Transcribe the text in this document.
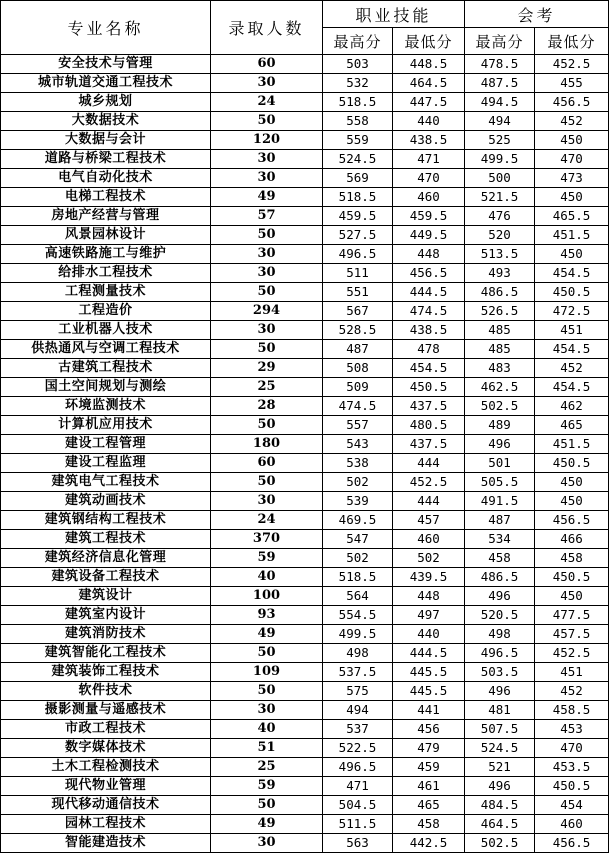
专业名称	录取人数	职业技能		会考	
		最高分	最低分	最高分	最低分
安全技术与管理	60	503	448.5	478.5	452.5
城市轨道交通工程技术	30	532	464.5	487.5	455
城乡规划	24	518.5	447.5	494.5	456.5
大数据技术	50	558	440	494	452
大数据与会计	120	559	438.5	525	450
道路与桥梁工程技术	30	524.5	471	499.5	470
电气自动化技术	30	569	470	500	473
电梯工程技术	49	518.5	460	521.5	450
房地产经营与管理	57	459.5	459.5	476	465.5
风景园林设计	50	527.5	449.5	520	451.5
高速铁路施工与维护	30	496.5	448	513.5	450
给排水工程技术	30	511	456.5	493	454.5
工程测量技术	50	551	444.5	486.5	450.5
工程造价	294	567	474.5	526.5	472.5
工业机器人技术	30	528.5	438.5	485	451
供热通风与空调工程技术	50	487	478	485	454.5
古建筑工程技术	29	508	454.5	483	452
国土空间规划与测绘	25	509	450.5	462.5	454.5
环境监测技术	28	474.5	437.5	502.5	462
计算机应用技术	50	557	480.5	489	465
建设工程管理	180	543	437.5	496	451.5
建设工程监理	60	538	444	501	450.5
建筑电气工程技术	50	502	452.5	505.5	450
建筑动画技术	30	539	444	491.5	450
建筑钢结构工程技术	24	469.5	457	487	456.5
建筑工程技术	370	547	460	534	466
建筑经济信息化管理	59	502	502	458	458
建筑设备工程技术	40	518.5	439.5	486.5	450.5
建筑设计	100	564	448	496	450
建筑室内设计	93	554.5	497	520.5	477.5
建筑消防技术	49	499.5	440	498	457.5
建筑智能化工程技术	50	498	444.5	496.5	452.5
建筑装饰工程技术	109	537.5	445.5	503.5	451
软件技术	50	575	445.5	496	452
摄影测量与遥感技术	30	494	441	481	458.5
市政工程技术	40	537	456	507.5	453
数字媒体技术	51	522.5	479	524.5	470
土木工程检测技术	25	496.5	459	521	453.5
现代物业管理	59	471	461	496	450.5
现代移动通信技术	50	504.5	465	484.5	454
园林工程技术	49	511.5	458	464.5	460
智能建造技术	30	563	442.5	502.5	456.5
